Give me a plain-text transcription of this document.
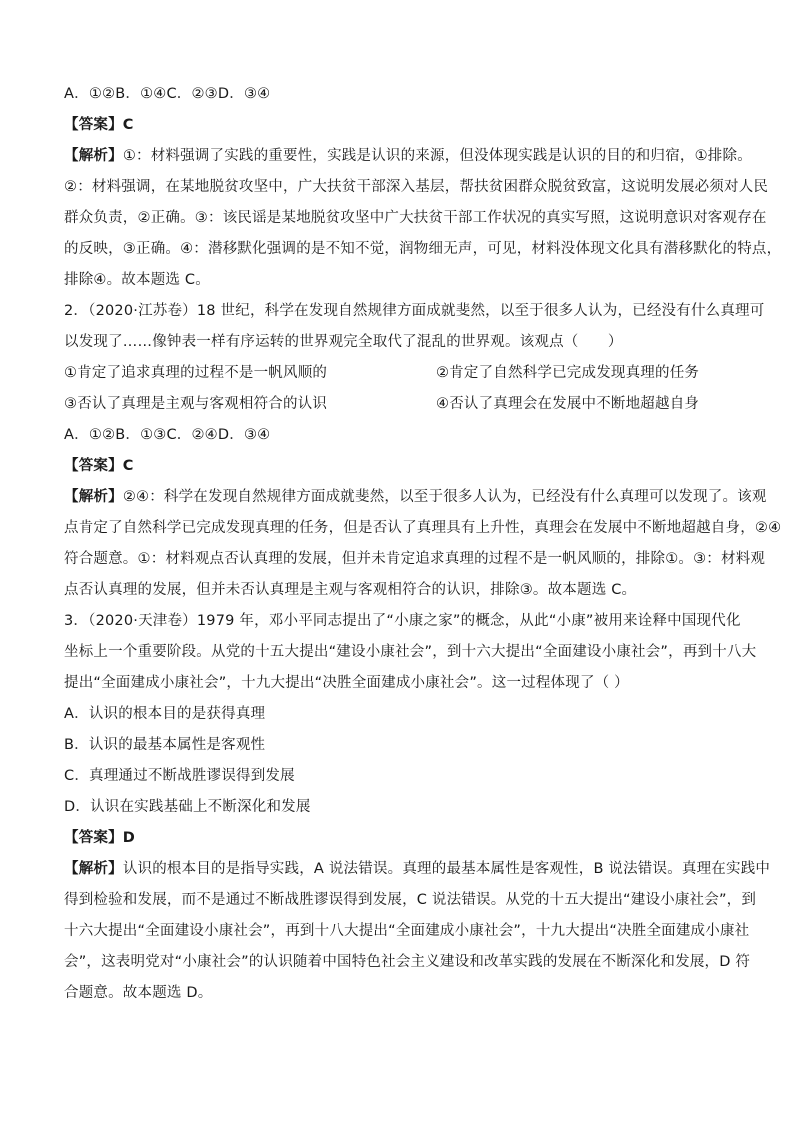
A．①②B．①④C．②③D．③④
【答案】C
【解析】①：材料强调了实践的重要性，实践是认识的来源，但没体现实践是认识的目的和归宿，①排除。
②：材料强调，在某地脱贫攻坚中，广大扶贫干部深入基层，帮扶贫困群众脱贫致富，这说明发展必须对人民
群众负责，②正确。③：该民谣是某地脱贫攻坚中广大扶贫干部工作状况的真实写照，这说明意识对客观存在
的反映，③正确。④：潜移默化强调的是不知不觉，润物细无声，可见，材料没体现文化具有潜移默化的特点，
排除④。故本题选 C。
2．（2020·江苏卷）18 世纪，科学在发现自然规律方面成就斐然，以至于很多人认为，已经没有什么真理可
以发现了……像钟表一样有序运转的世界观完全取代了混乱的世界观。该观点（　　）
①肯定了追求真理的过程不是一帆风顺的	②肯定了自然科学已完成发现真理的任务
③否认了真理是主观与客观相符合的认识	④否认了真理会在发展中不断地超越自身
A．①②B．①③C．②④D．③④
【答案】C
【解析】②④：科学在发现自然规律方面成就斐然，以至于很多人认为，已经没有什么真理可以发现了。该观
点肯定了自然科学已完成发现真理的任务，但是否认了真理具有上升性，真理会在发展中不断地超越自身，②④
符合题意。①：材料观点否认真理的发展，但并未肯定追求真理的过程不是一帆风顺的，排除①。③：材料观
点否认真理的发展，但并未否认真理是主观与客观相符合的认识，排除③。故本题选 C。
3．（2020·天津卷）1979 年，邓小平同志提出了“小康之家”的概念，从此“小康”被用来诠释中国现代化
坐标上一个重要阶段。从党的十五大提出“建设小康社会”，到十六大提出“全面建设小康社会”，再到十八大
提出“全面建成小康社会”，十九大提出“决胜全面建成小康社会”。这一过程体现了（ ）
A．认识的根本目的是获得真理
B．认识的最基本属性是客观性
C．真理通过不断战胜谬误得到发展
D．认识在实践基础上不断深化和发展
【答案】D
【解析】认识的根本目的是指导实践，A 说法错误。真理的最基本属性是客观性，B 说法错误。真理在实践中
得到检验和发展，而不是通过不断战胜谬误得到发展，C 说法错误。从党的十五大提出“建设小康社会”，到
十六大提出“全面建设小康社会”，再到十八大提出“全面建成小康社会”，十九大提出“决胜全面建成小康社
会”，这表明党对“小康社会”的认识随着中国特色社会主义建设和改革实践的发展在不断深化和发展，D 符
合题意。故本题选 D。
